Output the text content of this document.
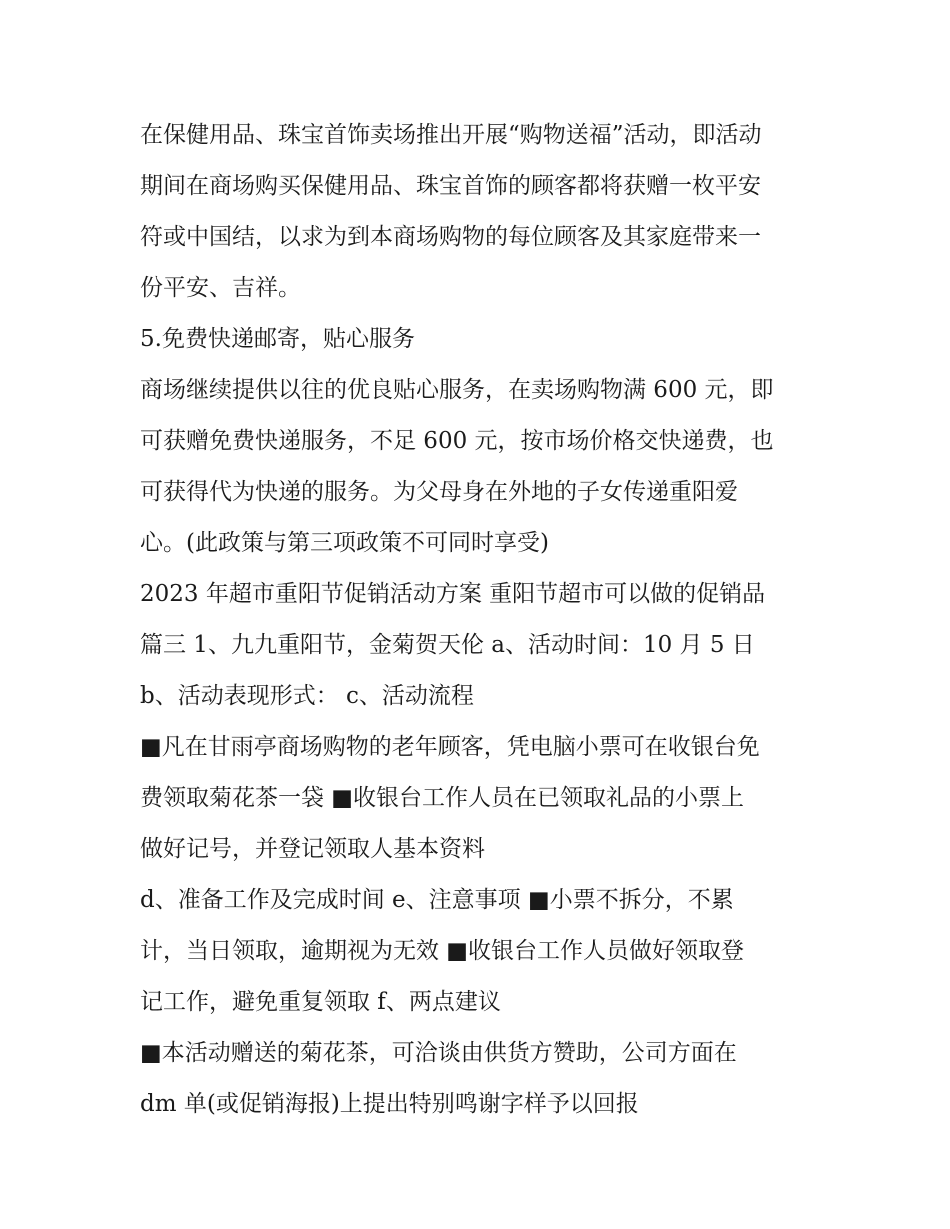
在保健用品、珠宝首饰卖场推出开展“购物送福”活动，即活动
期间在商场购买保健用品、珠宝首饰的顾客都将获赠一枚平安
符或中国结，以求为到本商场购物的每位顾客及其家庭带来一
份平安、吉祥。

5.免费快递邮寄，贴心服务

商场继续提供以往的优良贴心服务，在卖场购物满 600 元，即
可获赠免费快递服务，不足 600 元，按市场价格交快递费，也
可获得代为快递的服务。为父母身在外地的子女传递重阳爱
心。(此政策与第三项政策不可同时享受)

2023 年超市重阳节促销活动方案 重阳节超市可以做的促销品
篇三 1、九九重阳节，金菊贺天伦 a、活动时间：10 月 5 日

b、活动表现形式： c、活动流程

■凡在甘雨亭商场购物的老年顾客，凭电脑小票可在收银台免
费领取菊花茶一袋 ■收银台工作人员在已领取礼品的小票上
做好记号，并登记领取人基本资料

d、准备工作及完成时间 e、注意事项 ■小票不拆分，不累
计，当日领取，逾期视为无效 ■收银台工作人员做好领取登
记工作，避免重复领取 f、两点建议

■本活动赠送的菊花茶，可洽谈由供货方赞助，公司方面在
dm 单(或促销海报)上提出特别鸣谢字样予以回报
